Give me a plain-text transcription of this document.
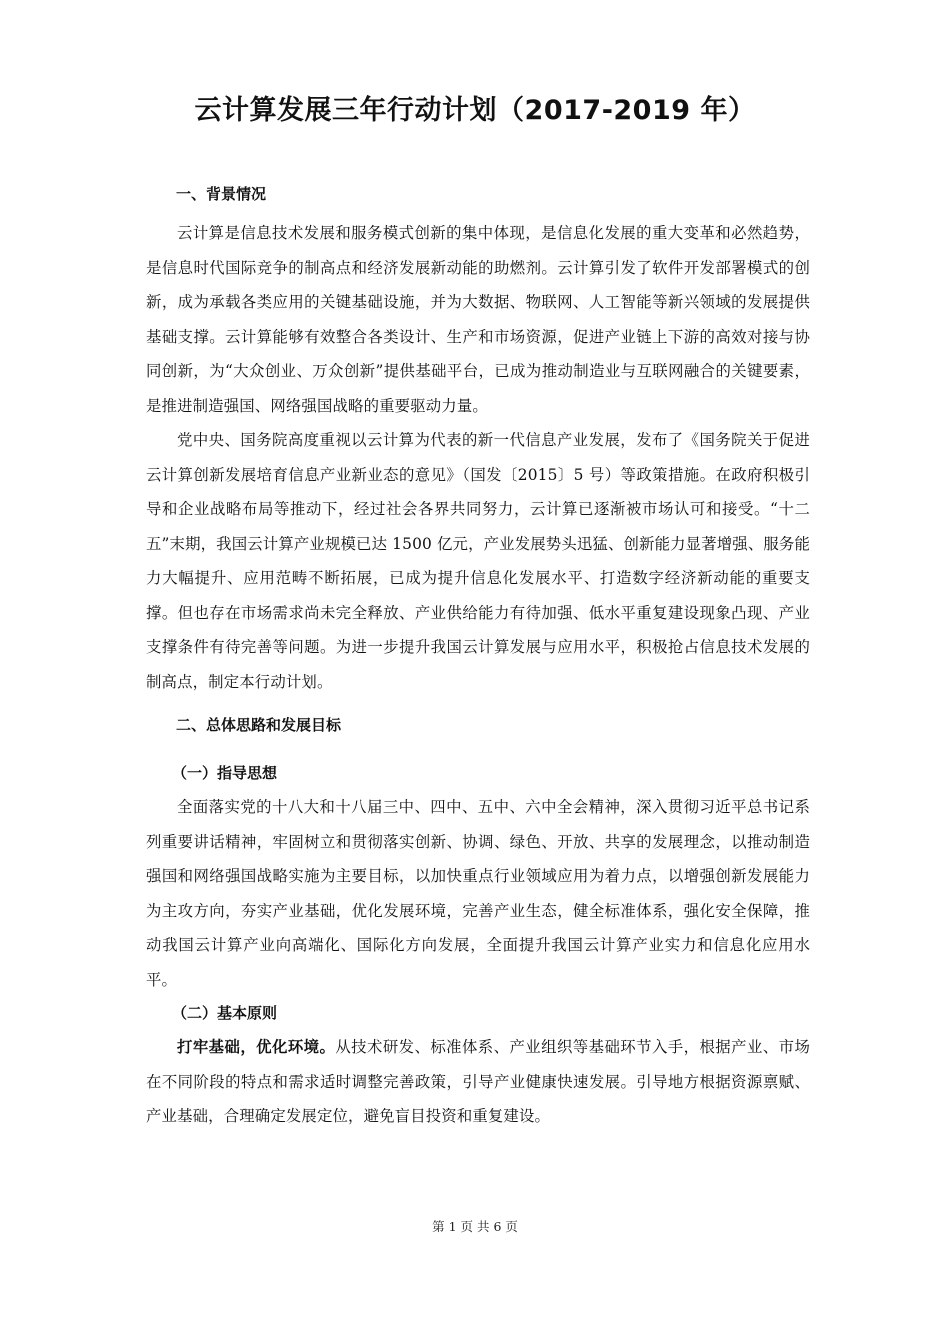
云计算发展三年行动计划（2017-2019 年）

一、背景情况

云计算是信息技术发展和服务模式创新的集中体现，是信息化发展的重大变革和必然趋势，是信息时代国际竞争的制高点和经济发展新动能的助燃剂。云计算引发了软件开发部署模式的创新，成为承载各类应用的关键基础设施，并为大数据、物联网、人工智能等新兴领域的发展提供基础支撑。云计算能够有效整合各类设计、生产和市场资源，促进产业链上下游的高效对接与协同创新，为“大众创业、万众创新”提供基础平台，已成为推动制造业与互联网融合的关键要素，是推进制造强国、网络强国战略的重要驱动力量。

党中央、国务院高度重视以云计算为代表的新一代信息产业发展，发布了《国务院关于促进云计算创新发展培育信息产业新业态的意见》（国发〔2015〕5 号）等政策措施。在政府积极引导和企业战略布局等推动下，经过社会各界共同努力，云计算已逐渐被市场认可和接受。“十二五”末期，我国云计算产业规模已达 1500 亿元，产业发展势头迅猛、创新能力显著增强、服务能力大幅提升、应用范畴不断拓展，已成为提升信息化发展水平、打造数字经济新动能的重要支撑。但也存在市场需求尚未完全释放、产业供给能力有待加强、低水平重复建设现象凸现、产业支撑条件有待完善等问题。为进一步提升我国云计算发展与应用水平，积极抢占信息技术发展的制高点，制定本行动计划。

二、总体思路和发展目标

（一）指导思想

全面落实党的十八大和十八届三中、四中、五中、六中全会精神，深入贯彻习近平总书记系列重要讲话精神，牢固树立和贯彻落实创新、协调、绿色、开放、共享的发展理念，以推动制造强国和网络强国战略实施为主要目标，以加快重点行业领域应用为着力点，以增强创新发展能力为主攻方向，夯实产业基础，优化发展环境，完善产业生态，健全标准体系，强化安全保障，推动我国云计算产业向高端化、国际化方向发展，全面提升我国云计算产业实力和信息化应用水平。

（二）基本原则

打牢基础，优化环境。从技术研发、标准体系、产业组织等基础环节入手，根据产业、市场在不同阶段的特点和需求适时调整完善政策，引导产业健康快速发展。引导地方根据资源禀赋、产业基础，合理确定发展定位，避免盲目投资和重复建设。

第 1 页 共 6 页
